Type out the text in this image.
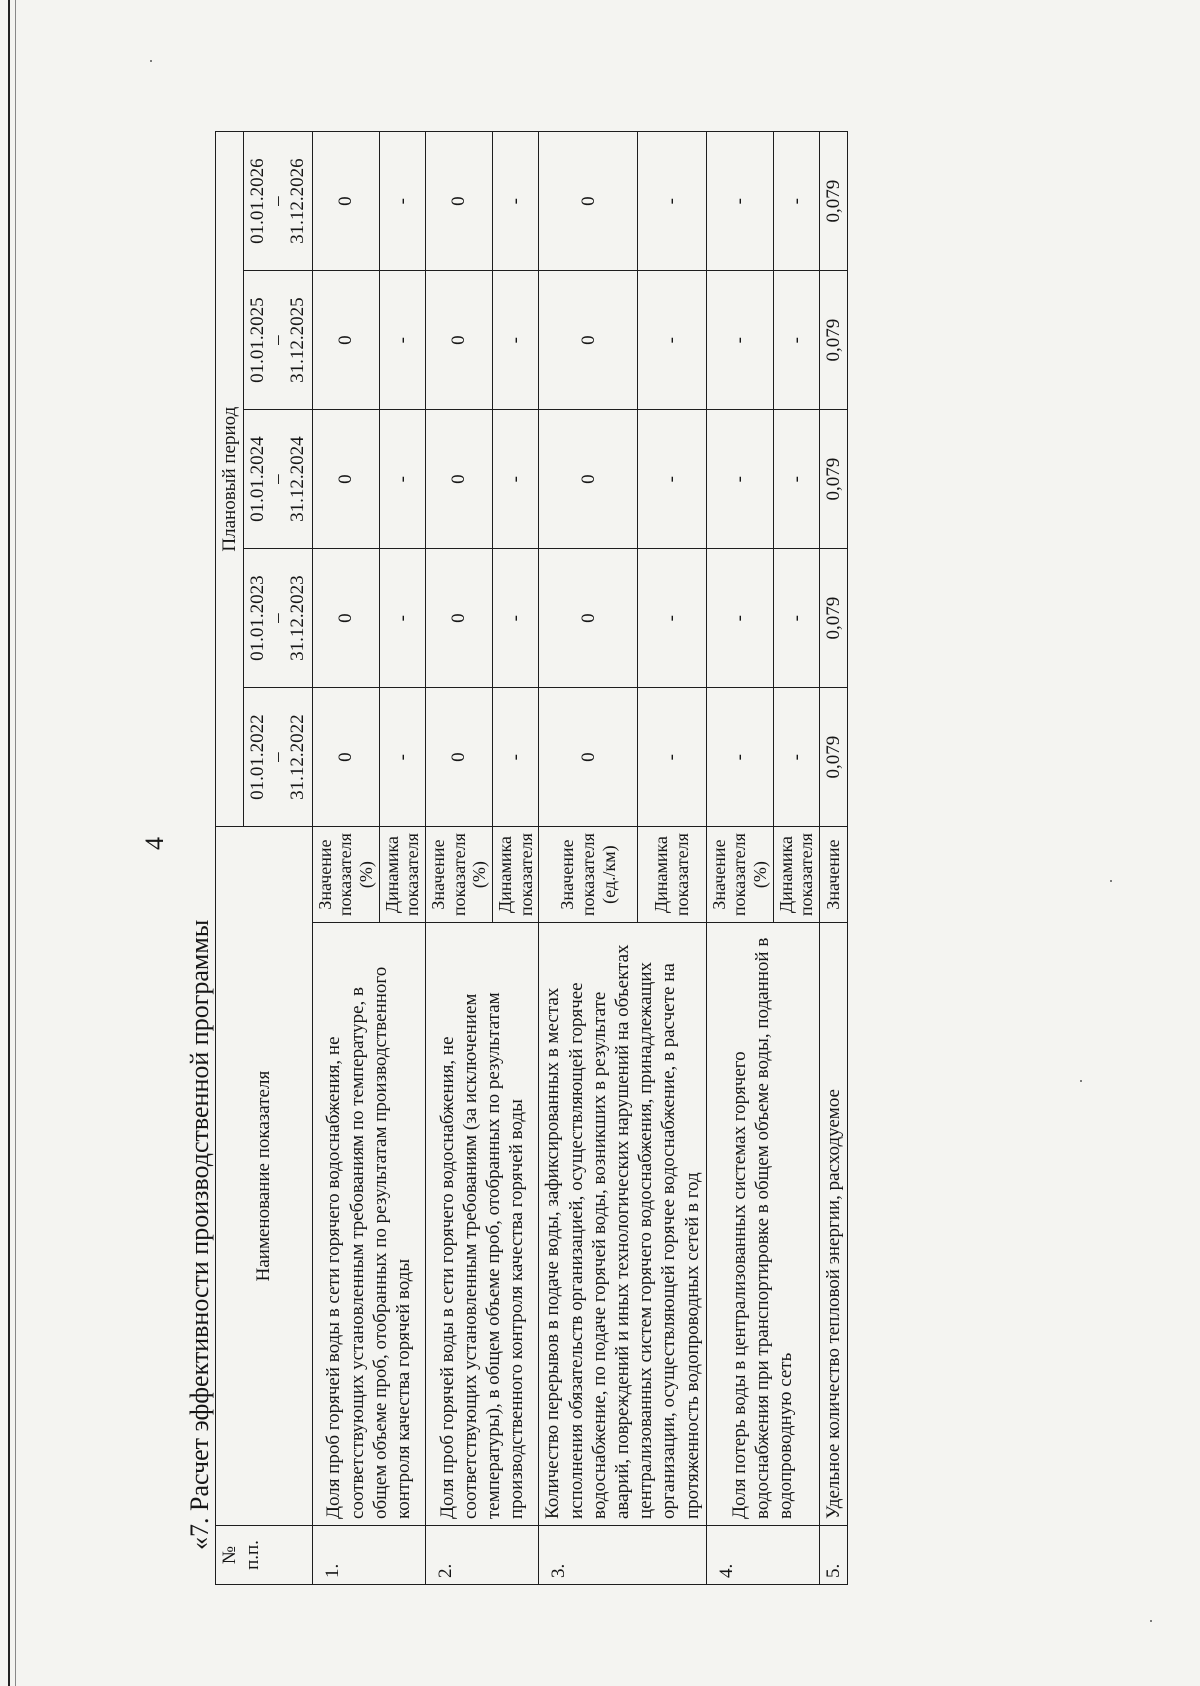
4
«7. Расчет эффективности производственной программы
№ п.п.	Наименование показателя		Плановый период				

			01.01.2022 – 31.12.2022	01.01.2023 – 31.12.2023	01.01.2024 – 31.12.2024	01.01.2025 – 31.12.2025	01.01.2026 – 31.12.2026

1.	Доля проб горячей воды в сети горячего водоснабжения, не соответствующих установленным требованиям по температуре, в общем объеме проб, отобранных по результатам производственного контроля качества горячей воды	Значение показателя (%)	0	0	0	0	0
		Динамика показателя	-	-	-	-	-
2.	Доля проб горячей воды в сети горячего водоснабжения, не соответствующих установленным требованиям (за исключением температуры), в общем объеме проб, отобранных по результатам производственного контроля качества горячей воды	Значение показателя (%)	0	0	0	0	0
		Динамика показателя	-	-	-	-	-
3.	Количество перерывов в подаче воды, зафиксированных в местах исполнения обязательств организацией, осуществляющей горячее водоснабжение, по подаче горячей воды, возникших в результате аварий, повреждений и иных технологических нарушений на объектах централизованных систем горячего водоснабжения, принадлежащих организации, осуществляющей горячее водоснабжение, в расчете на протяженность водопроводных сетей в год	Значение показателя (ед./км)	0	0	0	0	0
		Динамика показателя	-	-	-	-	-
4.	Доля потерь воды в централизованных системах горячего водоснабжения при транспортировке в общем объеме воды, поданной в водопроводную сеть	Значение показателя (%)	-	-	-	-	-
		Динамика показателя	-	-	-	-	-
5.	Удельное количество тепловой энергии, расходуемое	Значение	0,079	0,079	0,079	0,079	0,079
